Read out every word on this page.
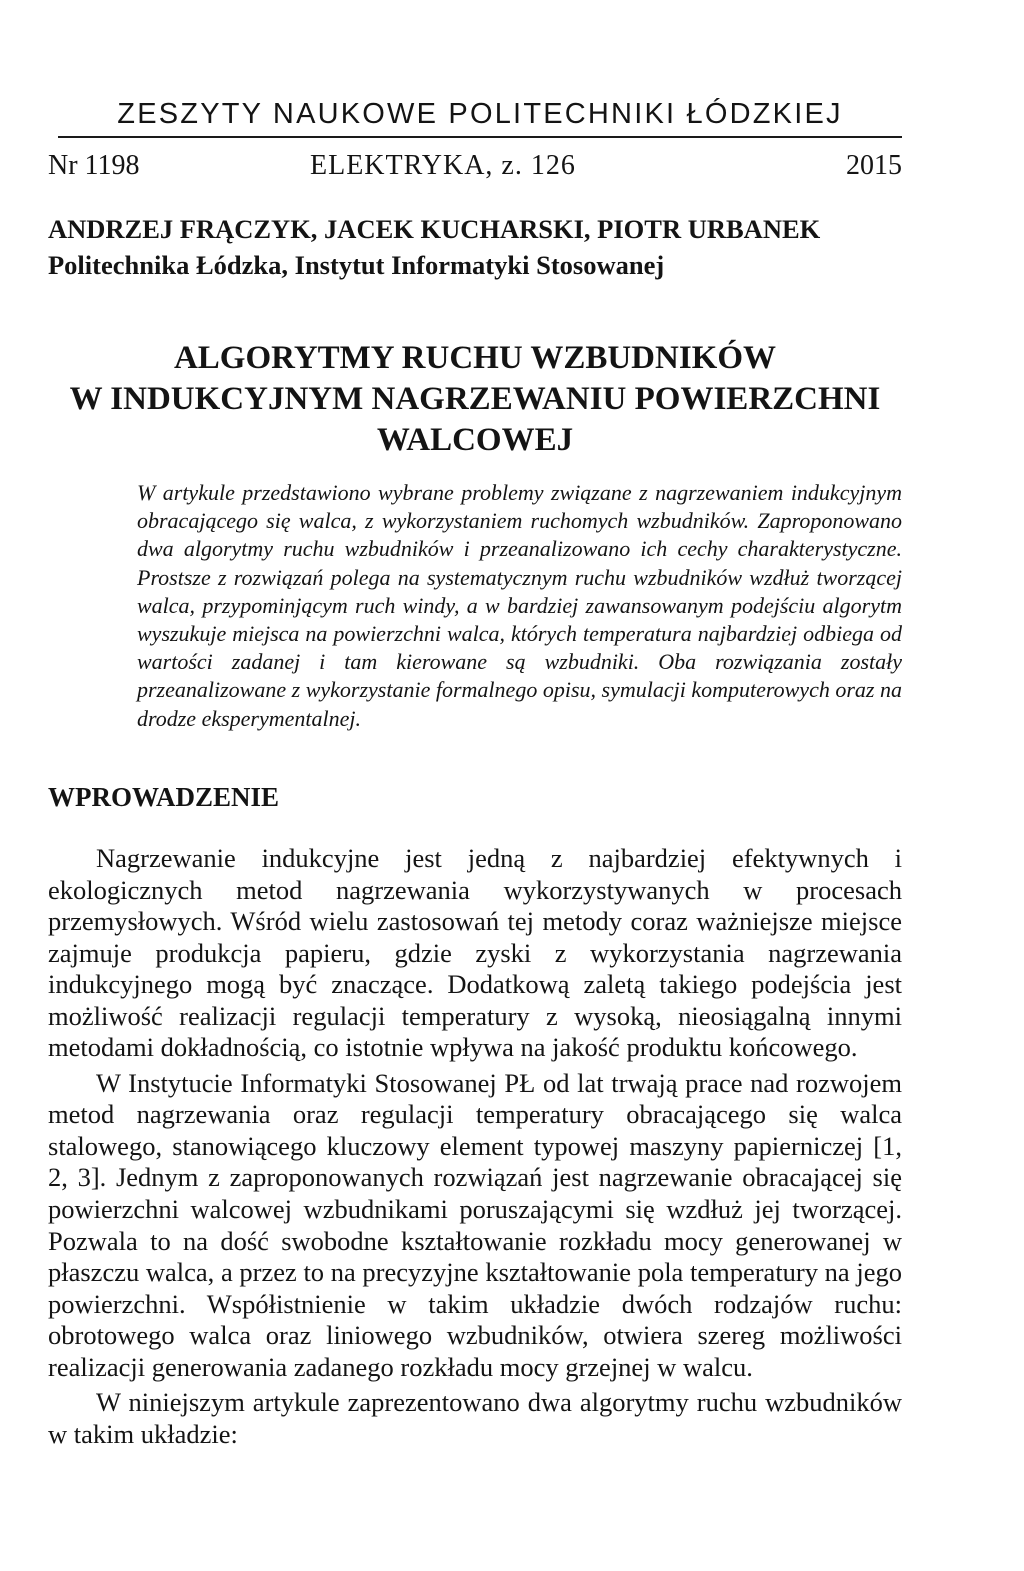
ZESZYTY NAUKOWE POLITECHNIKI ŁÓDZKIEJ
Nr 1198	ELEKTRYKA, z. 126	2015
ANDRZEJ FRĄCZYK, JACEK KUCHARSKI, PIOTR URBANEK
Politechnika Łódzka, Instytut Informatyki Stosowanej
ALGORYTMY RUCHU WZBUDNIKÓW
W INDUKCYJNYM NAGRZEWANIU POWIERZCHNI
WALCOWEJ
W artykule przedstawiono wybrane problemy związane z nagrzewaniem indukcyjnym obracającego się walca, z wykorzystaniem ruchomych wzbudników. Zaproponowano dwa algorytmy ruchu wzbudników i przeanalizowano ich cechy charakterystyczne. Prostsze z rozwiązań polega na systematycznym ruchu wzbudników wzdłuż tworzącej walca, przypominjącym ruch windy, a w bardziej zawansowanym podejściu algorytm wyszukuje miejsca na powierzchni walca, których temperatura najbardziej odbiega od wartości zadanej i tam kierowane są wzbudniki. Oba rozwiązania zostały przeanalizowane z wykorzystanie formalnego opisu, symulacji komputerowych oraz na drodze eksperymentalnej.
WPROWADZENIE

Nagrzewanie indukcyjne jest jedną z najbardziej efektywnych i ekologicznych metod nagrzewania wykorzystywanych w procesach przemysłowych. Wśród wielu zastosowań tej metody coraz ważniejsze miejsce zajmuje produkcja papieru, gdzie zyski z wykorzystania nagrzewania indukcyjnego mogą być znaczące. Dodatkową zaletą takiego podejścia jest możliwość realizacji regulacji temperatury z wysoką, nieosiągalną innymi metodami dokładnością, co istotnie wpływa na jakość produktu końcowego.

W Instytucie Informatyki Stosowanej PŁ od lat trwają prace nad rozwojem metod nagrzewania oraz regulacji temperatury obracającego się walca stalowego, stanowiącego kluczowy element typowej maszyny papierniczej [1, 2, 3]. Jednym z zaproponowanych rozwiązań jest nagrzewanie obracającej się powierzchni walcowej wzbudnikami poruszającymi się wzdłuż jej tworzącej. Pozwala to na dość swobodne kształtowanie rozkładu mocy generowanej w płaszczu walca, a przez to na precyzyjne kształtowanie pola temperatury na jego powierzchni. Współistnienie w takim układzie dwóch rodzajów ruchu: obrotowego walca oraz liniowego wzbudników, otwiera szereg możliwości realizacji generowania zadanego rozkładu mocy grzejnej w walcu.

W niniejszym artykule zaprezentowano dwa algorytmy ruchu wzbudników w takim układzie:
